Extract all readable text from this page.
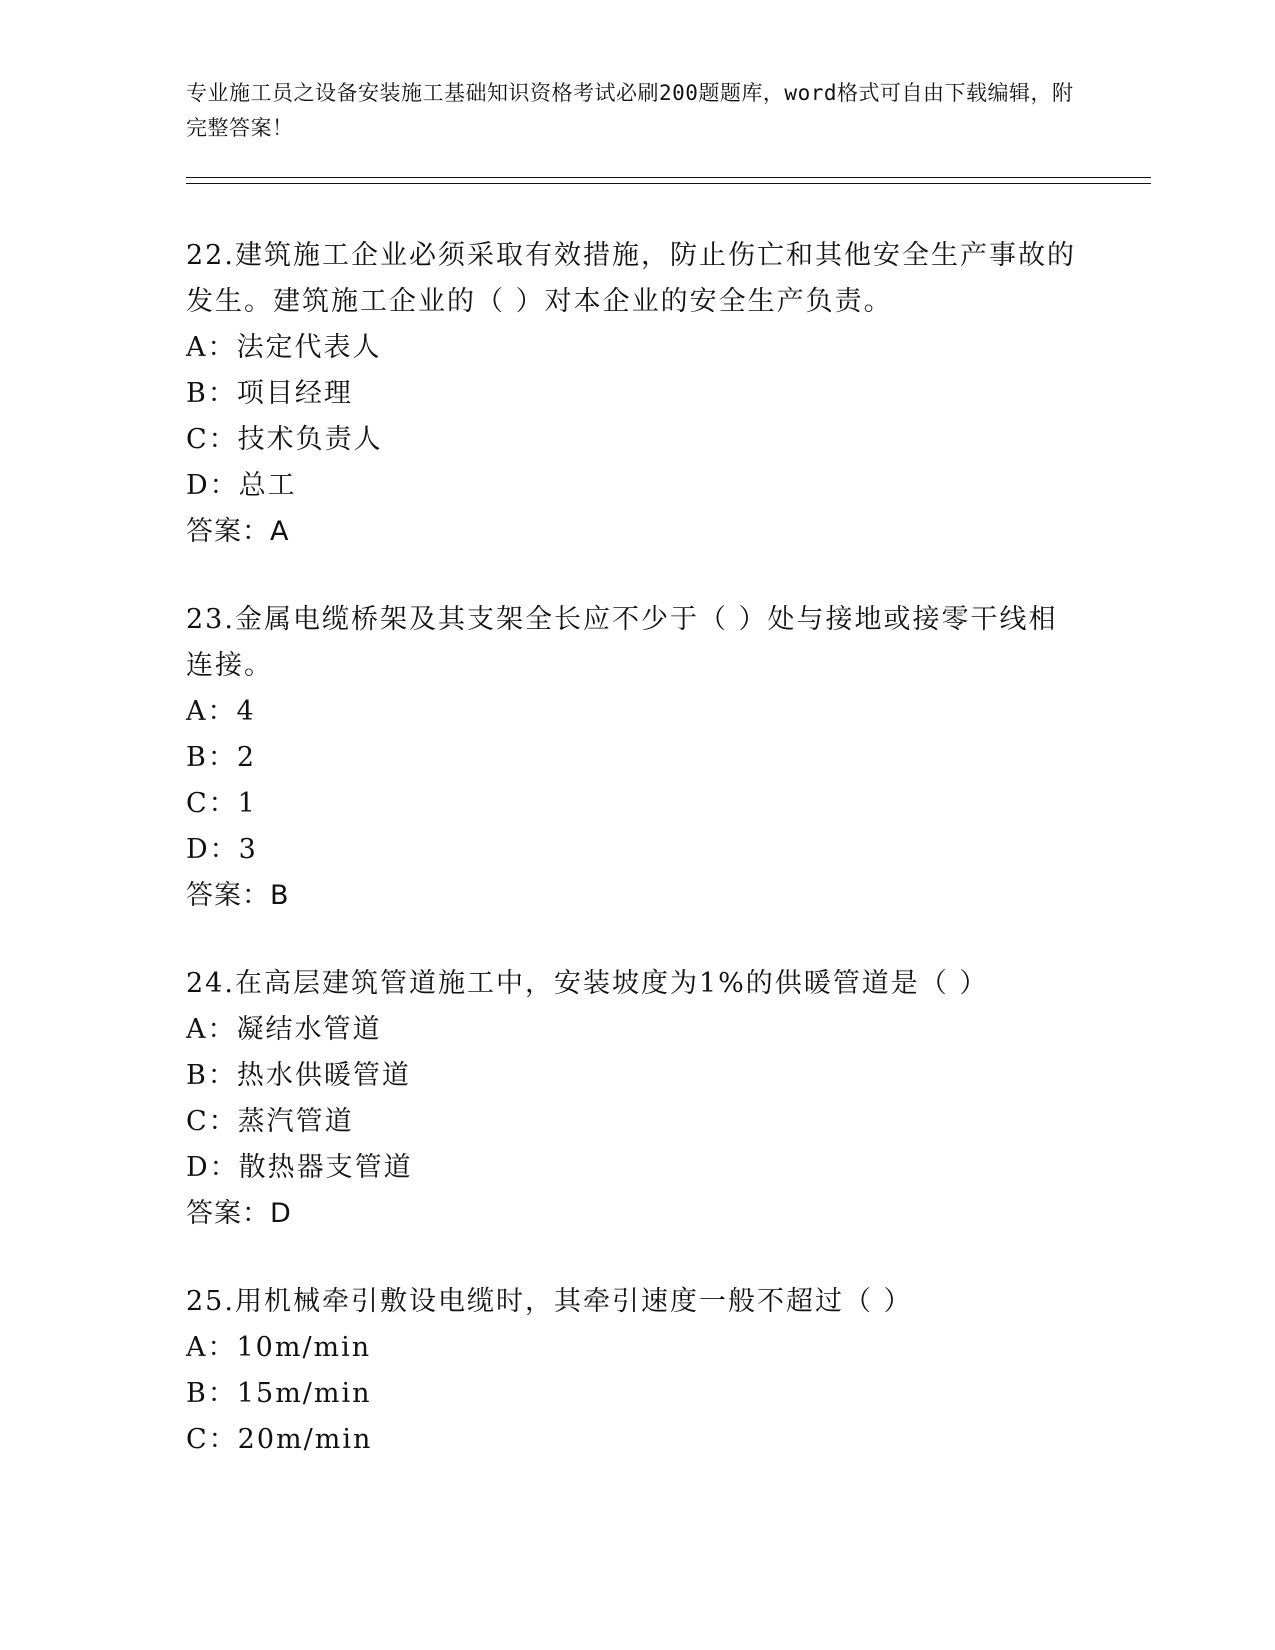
专业施工员之设备安装施工基础知识资格考试必刷200题题库，word格式可自由下载编辑，附完整答案！

22.建筑施工企业必须采取有效措施，防止伤亡和其他安全生产事故的发生。建筑施工企业的（ ）对本企业的安全生产负责。

A：法定代表人
B：项目经理
C：技术负责人
D：总工
答案：A

23.金属电缆桥架及其支架全长应不少于（ ）处与接地或接零干线相连接。

A：4
B：2
C：1
D：3
答案：B

24.在高层建筑管道施工中，安装坡度为1%的供暖管道是（ ）

A：凝结水管道
B：热水供暖管道
C：蒸汽管道
D：散热器支管道
答案：D

25.用机械牵引敷设电缆时，其牵引速度一般不超过（ ）

A：10m/min
B：15m/min
C：20m/min
